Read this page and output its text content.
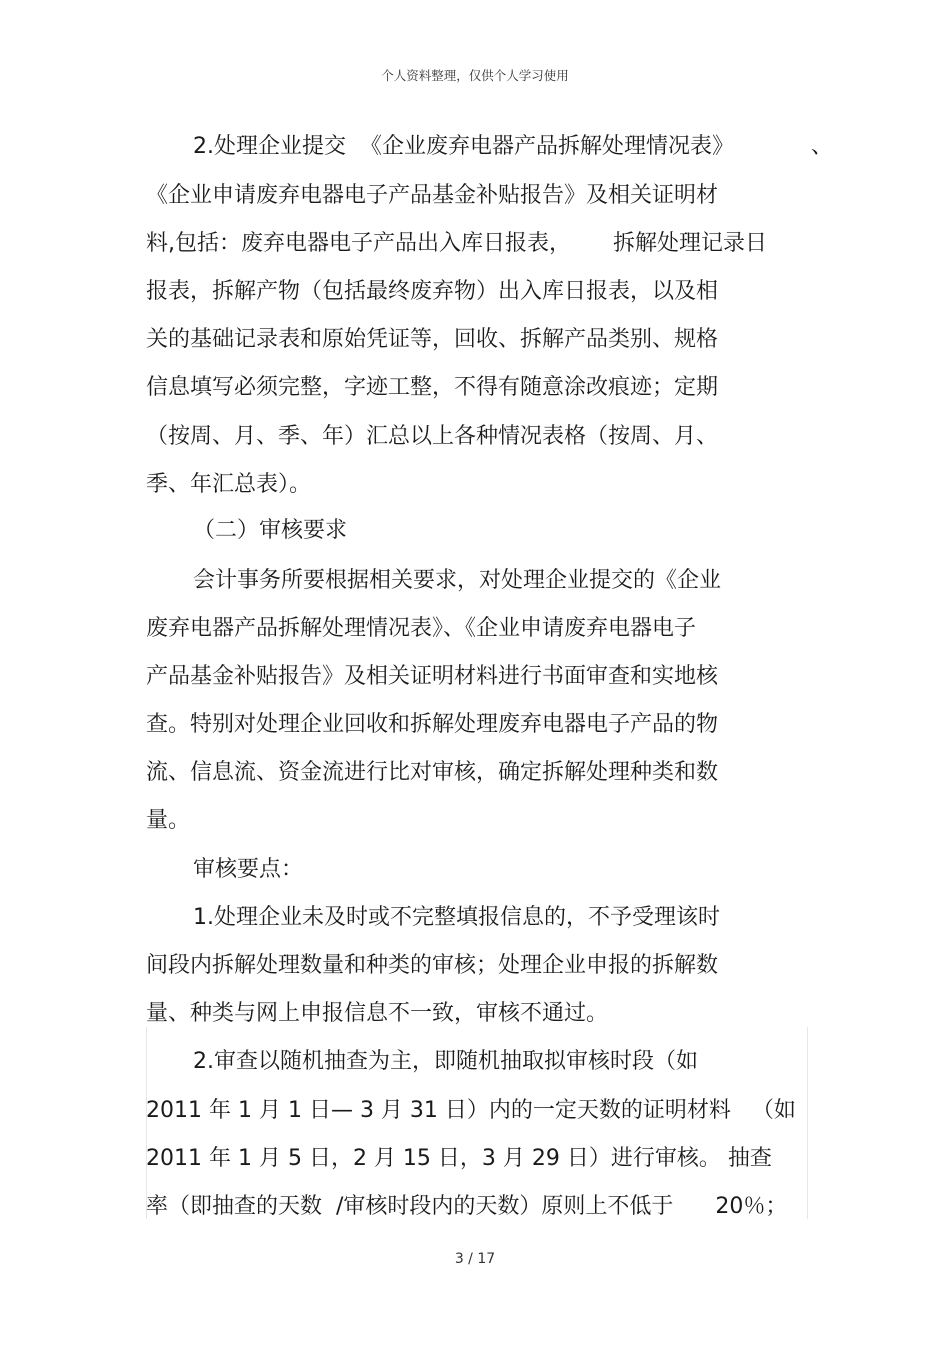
个人资料整理，仅供个人学习使用
2.处理企业提交  《企业废弃电器产品拆解处理情况表》           、
《企业申请废弃电器电子产品基金补贴报告》及相关证明材
料,包括：废弃电器电子产品出入库日报表，      拆解处理记录日
报表，拆解产物（包括最终废弃物）出入库日报表，以及相
关的基础记录表和原始凭证等，回收、拆解产品类别、规格
信息填写必须完整，字迹工整，不得有随意涂改痕迹；定期
（按周、月、季、年）汇总以上各种情况表格（按周、月、
季、年汇总表）。
（二）审核要求
会计事务所要根据相关要求，对处理企业提交的《企业
废弃电器产品拆解处理情况表》、《企业申请废弃电器电子
产品基金补贴报告》及相关证明材料进行书面审查和实地核
查。特别对处理企业回收和拆解处理废弃电器电子产品的物
流、信息流、资金流进行比对审核，确定拆解处理种类和数
量。
审核要点：
1.处理企业未及时或不完整填报信息的，不予受理该时
间段内拆解处理数量和种类的审核；处理企业申报的拆解数
量、种类与网上申报信息不一致，审核不通过。
2.审查以随机抽查为主，即随机抽取拟审核时段（如
2011 年 1 月 1 日— 3 月 31 日）内的一定天数的证明材料   （如
2011 年 1 月 5 日，2 月 15 日，3 月 29 日）进行审核。 抽查
率（即抽查的天数  /审核时段内的天数）原则上不低于      20％；
3 / 17
